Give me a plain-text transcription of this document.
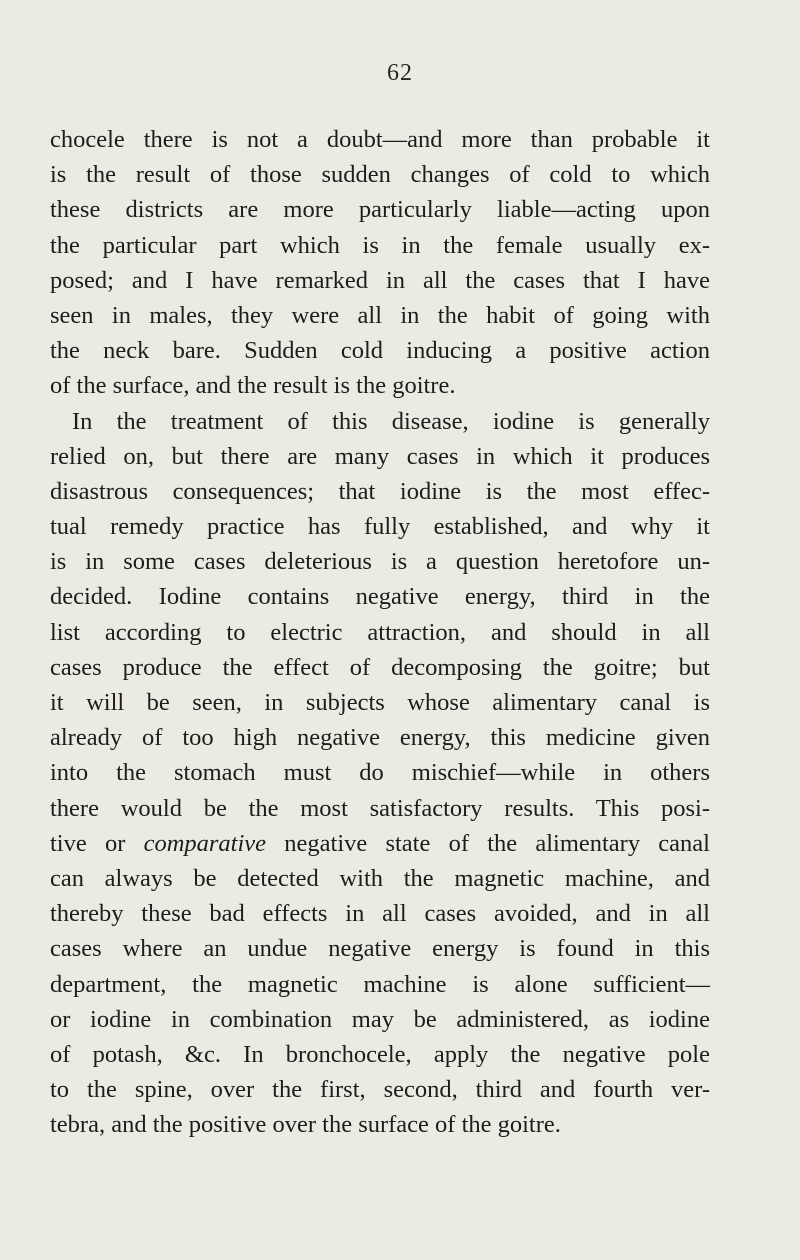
62
chocele there is not a doubt—and more than probable it
is the result of those sudden changes of cold to which
these districts are more particularly liable—acting upon
the particular part which is in the female usually ex-
posed; and I have remarked in all the cases that I have
seen in males, they were all in the habit of going with
the neck bare. Sudden cold inducing a positive action
of the surface, and the result is the goitre.
In the treatment of this disease, iodine is generally
relied on, but there are many cases in which it produces
disastrous consequences; that iodine is the most effec-
tual remedy practice has fully established, and why it
is in some cases deleterious is a question heretofore un-
decided. Iodine contains negative energy, third in the
list according to electric attraction, and should in all
cases produce the effect of decomposing the goitre; but
it will be seen, in subjects whose alimentary canal is
already of too high negative energy, this medicine given
into the stomach must do mischief—while in others
there would be the most satisfactory results. This posi-
tive or comparative negative state of the alimentary canal
can always be detected with the magnetic machine, and
thereby these bad effects in all cases avoided, and in all
cases where an undue negative energy is found in this
department, the magnetic machine is alone sufficient—
or iodine in combination may be administered, as iodine
of potash, &c. In bronchocele, apply the negative pole
to the spine, over the first, second, third and fourth ver-
tebra, and the positive over the surface of the goitre.
